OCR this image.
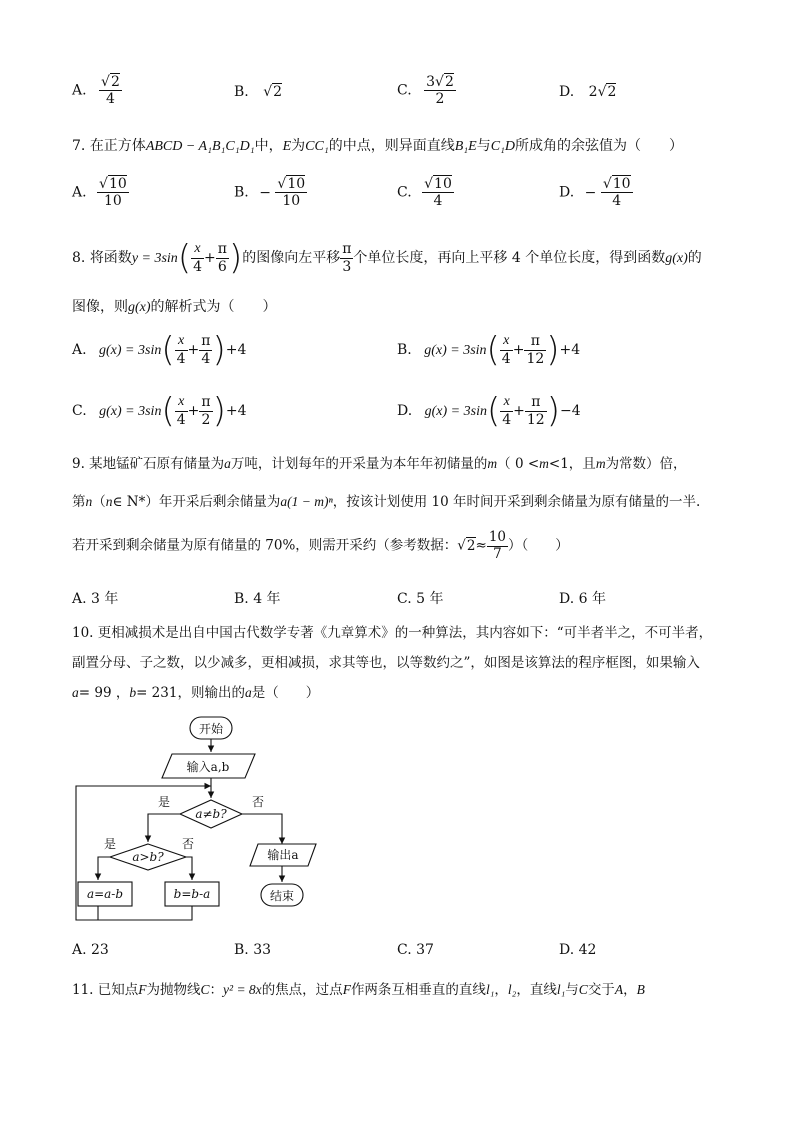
A. $\frac{√2}{4}$	B. √2	C. $\frac{3√2}{2}$	D. 2√2
7. 在正方体ABCD − A₁B₁C₁D₁中，E为CC₁的中点，则异面直线B₁E与C₁D所成角的余弦值为（　　）
A. $\frac{√10}{10}$	B. − $\frac{√10}{10}$	C. $\frac{√10}{4}$	D. − $\frac{√10}{4}$
8. 将函数$y = 3\sin( \frac{x}{4} + \frac{\pi}{6}$ )的图像向左平移 $\frac{\pi}{3}$ 个单位长度，再向上平移 4 个单位长度，得到函数g(x)的
图像，则g(x)的解析式为（　　）
A. $g(x) = 3\sin( \frac{x}{4} + \frac{\pi}{4} )+4$	B. $g(x) = 3\sin( \frac{x}{4} + \frac{\pi}{12} )+4$
C. $g(x) = 3\sin( \frac{x}{4} + \frac{\pi}{2} )+4$	D. $g(x) = 3\sin( \frac{x}{4} + \frac{\pi}{12} )-4$
9. 某地锰矿石原有储量为a万吨，计划每年的开采量为本年年初储量的m（ 0 <m<1，且m为常数）倍，
第n（n∈ N*）年开采后剩余储量为a(1 − m)ⁿ，按该计划使用 10 年时间开采到剩余储量为原有储量的一半.
若开采到剩余储量为原有储量的 70%，则需开采约（参考数据：$√2\approx \frac{10}{7}$ ）（　　）
A. 3 年	B. 4 年	C. 5 年	D. 6 年
10. 更相减损术是出自中国古代数学专著《九章算术》的一种算法，其内容如下：“可半者半之，不可半者，
副置分母、子之数，以少减多，更相减损，求其等也，以等数约之”，如图是该算法的程序框图，如果输入
a= 99 ，b= 231，则输出的a是（　　）
开始
输入a,b
a≠b?
是	否
a>b?
是	否
a=a-b	b=b-a
输出a
结束
A. 23	B. 33	C. 37	D. 42
11. 已知点F为抛物线C：y² = 8x的焦点，过点F作两条互相垂直的直线l₁，l₂，直线l₁与C交于A，B
